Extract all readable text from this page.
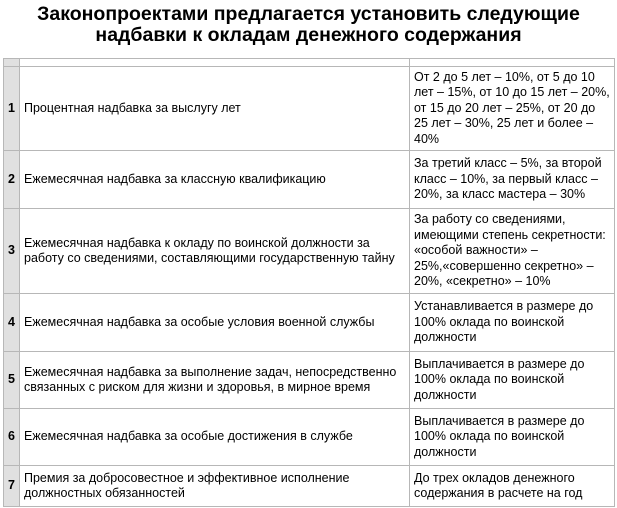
Законопроектами предлагается установить следующие надбавки к окладам денежного содержания

1	Процентная надбавка за выслугу лет	От 2 до 5 лет – 10%, от 5 до 10 лет – 15%, от 10 до 15 лет – 20%, от 15 до 20 лет – 25%, от 20 до 25 лет – 30%, 25 лет и более – 40%
2	Ежемесячная надбавка за классную квалификацию	За третий класс – 5%, за второй класс – 10%, за первый класс – 20%, за класс мастера – 30%
3	Ежемесячная надбавка к окладу по воинской должности за работу со сведениями, составляющими государственную тайну	За работу со сведениями, имеющими степень секретности: «особой важности» – 25%,«совершенно секретно» – 20%, «секретно» – 10%
4	Ежемесячная надбавка за особые условия военной службы	Устанавливается в размере до 100% оклада по воинской должности
5	Ежемесячная надбавка за выполнение задач, непосредственно связанных с риском для жизни и здоровья, в мирное время	Выплачивается в размере до 100% оклада по воинской должности
6	Ежемесячная надбавка за особые достижения в службе	Выплачивается в размере до 100% оклада по воинской должности
7	Премия за добросовестное и эффективное исполнение должностных обязанностей	До трех окладов денежного содержания в расчете на год
